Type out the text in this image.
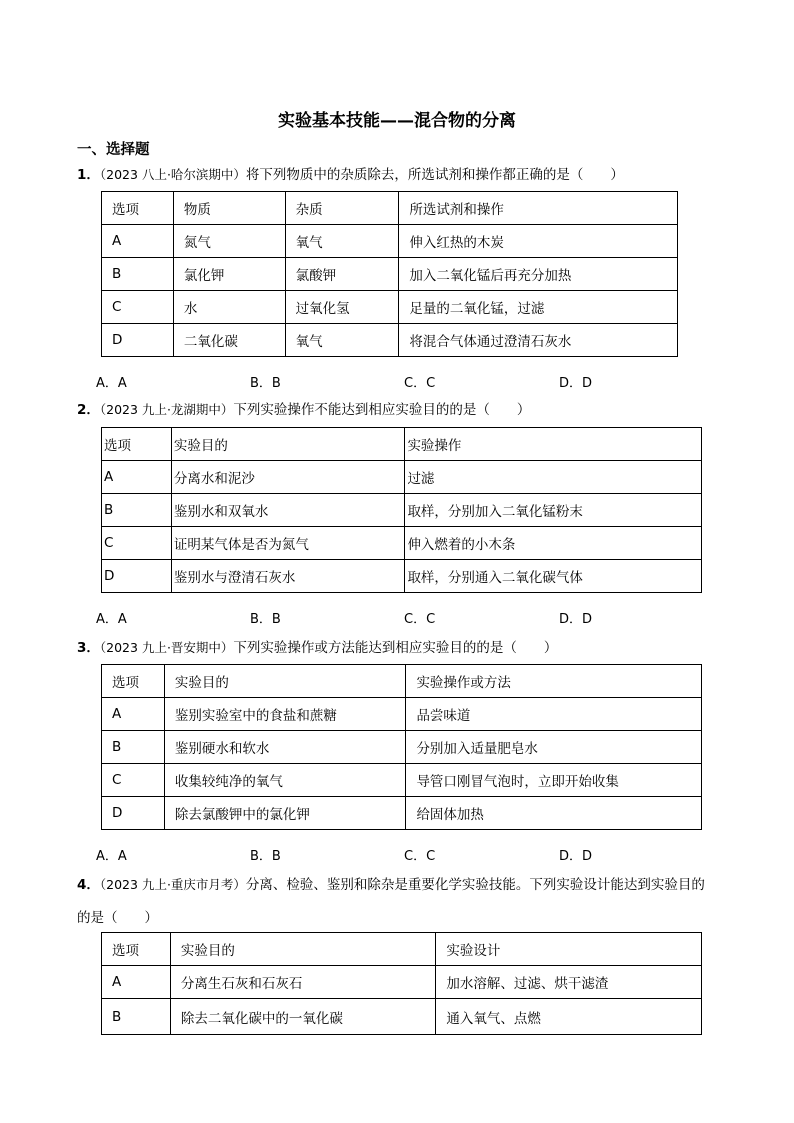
实验基本技能——混合物的分离
一、选择题
1．（2023 八上·哈尔滨期中）将下列物质中的杂质除去，所选试剂和操作都正确的是（　　）
选项	物质	杂质	所选试剂和操作
A	氮气	氧气	伸入红热的木炭
B	氯化钾	氯酸钾	加入二氧化锰后再充分加热
C	水	过氧化氢	足量的二氧化锰，过滤
D	二氧化碳	氧气	将混合气体通过澄清石灰水
A．A	B．B	C．C	D．D
2．（2023 九上·龙湖期中）下列实验操作不能达到相应实验目的的是（　　）
选项	实验目的	实验操作
A	分离水和泥沙	过滤
B	鉴别水和双氧水	取样，分别加入二氧化锰粉末
C	证明某气体是否为氮气	伸入燃着的小木条
D	鉴别水与澄清石灰水	取样，分别通入二氧化碳气体
A．A	B．B	C．C	D．D
3．（2023 九上·晋安期中）下列实验操作或方法能达到相应实验目的的是（　　）
选项	实验目的	实验操作或方法
A	鉴别实验室中的食盐和蔗糖	品尝味道
B	鉴别硬水和软水	分别加入适量肥皂水
C	收集较纯净的氧气	导管口刚冒气泡时，立即开始收集
D	除去氯酸钾中的氯化钾	给固体加热
A．A	B．B	C．C	D．D
4．（2023 九上·重庆市月考）分离、检验、鉴别和除杂是重要化学实验技能。下列实验设计能达到实验目的的是（　　）
选项	实验目的	实验设计
A	分离生石灰和石灰石	加水溶解、过滤、烘干滤渣
B	除去二氧化碳中的一氧化碳	通入氧气、点燃
